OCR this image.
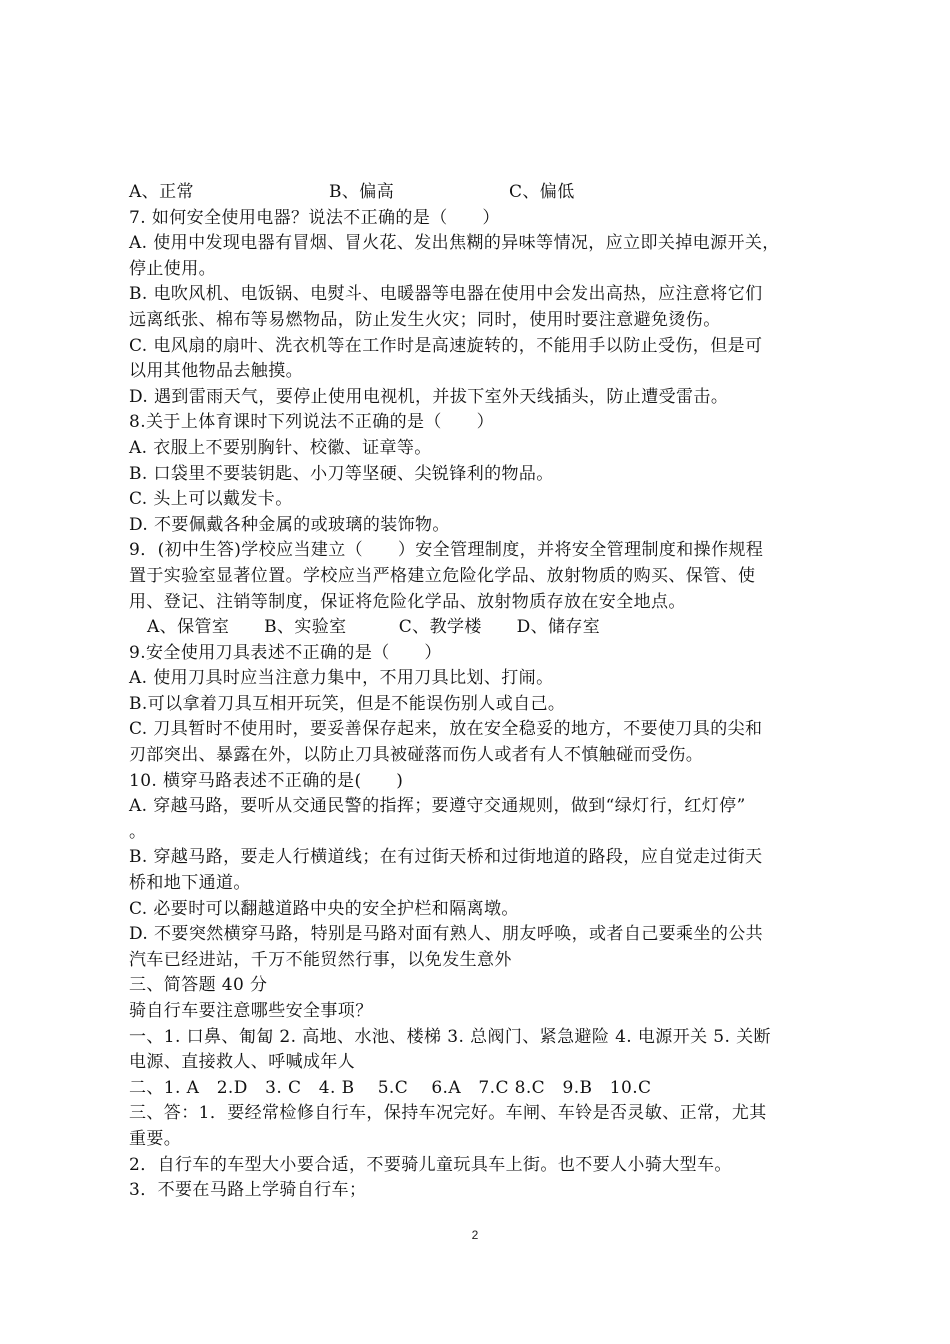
A、正常	B、偏高	C、偏低
7. 如何安全使用电器？说法不正确的是（　　）
A. 使用中发现电器有冒烟、冒火花、发出焦糊的异味等情况，应立即关掉电源开关，
停止使用。
B. 电吹风机、电饭锅、电熨斗、电暖器等电器在使用中会发出高热，应注意将它们
远离纸张、棉布等易燃物品，防止发生火灾；同时，使用时要注意避免烫伤。
C. 电风扇的扇叶、洗衣机等在工作时是高速旋转的，不能用手以防止受伤，但是可
以用其他物品去触摸。
D. 遇到雷雨天气，要停止使用电视机，并拔下室外天线插头，防止遭受雷击。
8.关于上体育课时下列说法不正确的是（　　）
A. 衣服上不要别胸针、校徽、证章等。
B. 口袋里不要装钥匙、小刀等坚硬、尖锐锋利的物品。
C. 头上可以戴发卡。
D. 不要佩戴各种金属的或玻璃的装饰物。
9．(初中生答)学校应当建立（　　）安全管理制度，并将安全管理制度和操作规程
置于实验室显著位置。学校应当严格建立危险化学品、放射物质的购买、保管、使
用、登记、注销等制度，保证将危险化学品、放射物质存放在安全地点。
A、保管室　　B、实验室　　　C、教学楼　　D、储存室
9.安全使用刀具表述不正确的是（　　）
A. 使用刀具时应当注意力集中，不用刀具比划、打闹。
B.可以拿着刀具互相开玩笑，但是不能误伤别人或自己。
C. 刀具暂时不使用时，要妥善保存起来，放在安全稳妥的地方，不要使刀具的尖和
刃部突出、暴露在外，以防止刀具被碰落而伤人或者有人不慎触碰而受伤。
10. 横穿马路表述不正确的是(　　)
A. 穿越马路，要听从交通民警的指挥；要遵守交通规则，做到“绿灯行，红灯停”
。
B. 穿越马路，要走人行横道线；在有过街天桥和过街地道的路段，应自觉走过街天
桥和地下通道。
C. 必要时可以翻越道路中央的安全护栏和隔离墩。
D. 不要突然横穿马路，特别是马路对面有熟人、朋友呼唤，或者自己要乘坐的公共
汽车已经进站，千万不能贸然行事，以免发生意外
三、简答题 40 分
骑自行车要注意哪些安全事项？
一、1. 口鼻、匍匐 2. 高地、水池、楼梯 3. 总阀门、紧急避险 4. 电源开关 5. 关断
电源、直接救人、呼喊成年人
二、1. A　2.D　3. C　4. B　 5.C　 6.A　7.C 8.C　9.B　10.C
三、答：1．要经常检修自行车，保持车况完好。车闸、车铃是否灵敏、正常，尤其
重要。
2．自行车的车型大小要合适，不要骑儿童玩具车上街。也不要人小骑大型车。
3．不要在马路上学骑自行车；
2
